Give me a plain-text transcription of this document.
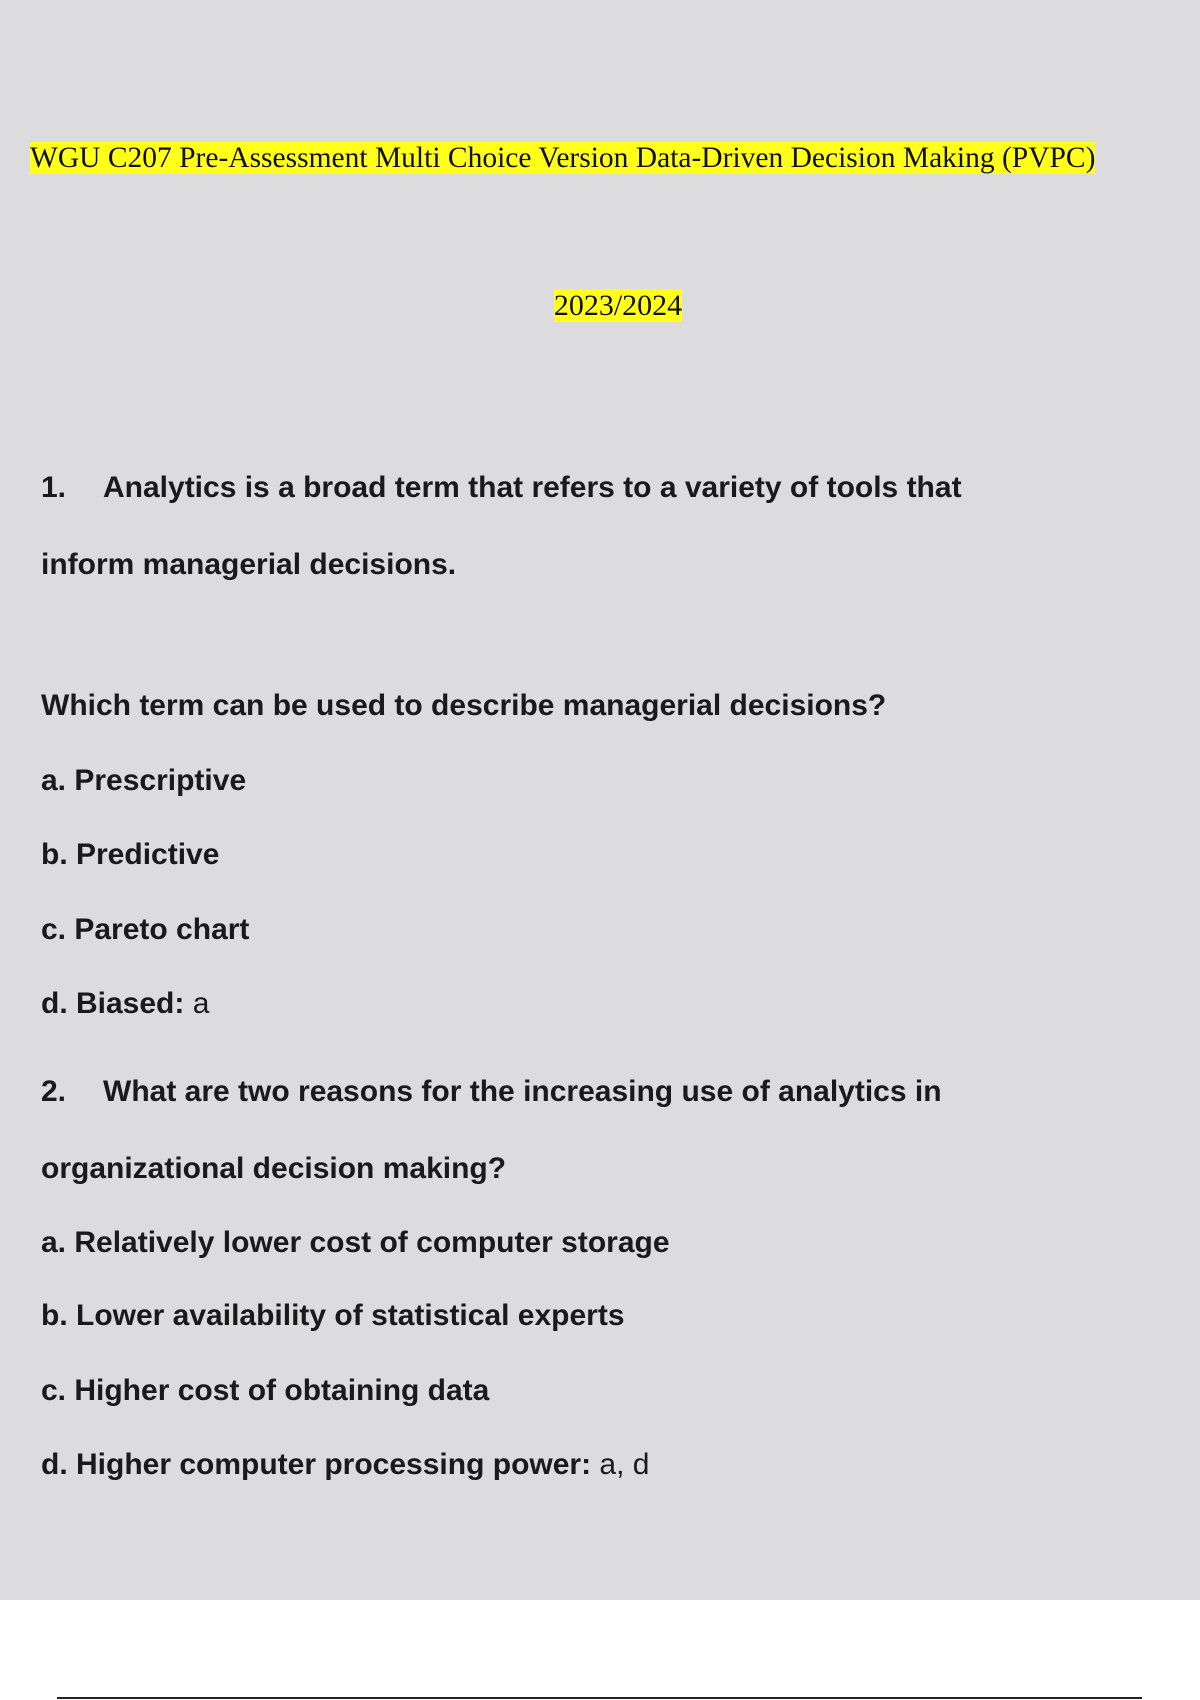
WGU C207 Pre-Assessment Multi Choice Version Data-Driven Decision Making (PVPC)
2023/2024
1. Analytics is a broad term that refers to a variety of tools that
inform managerial decisions.
Which term can be used to describe managerial decisions?
a. Prescriptive
b. Predictive
c. Pareto chart
d. Biased: a
2. What are two reasons for the increasing use of analytics in
organizational decision making?
a. Relatively lower cost of computer storage
b. Lower availability of statistical experts
c. Higher cost of obtaining data
d. Higher computer processing power: a, d
